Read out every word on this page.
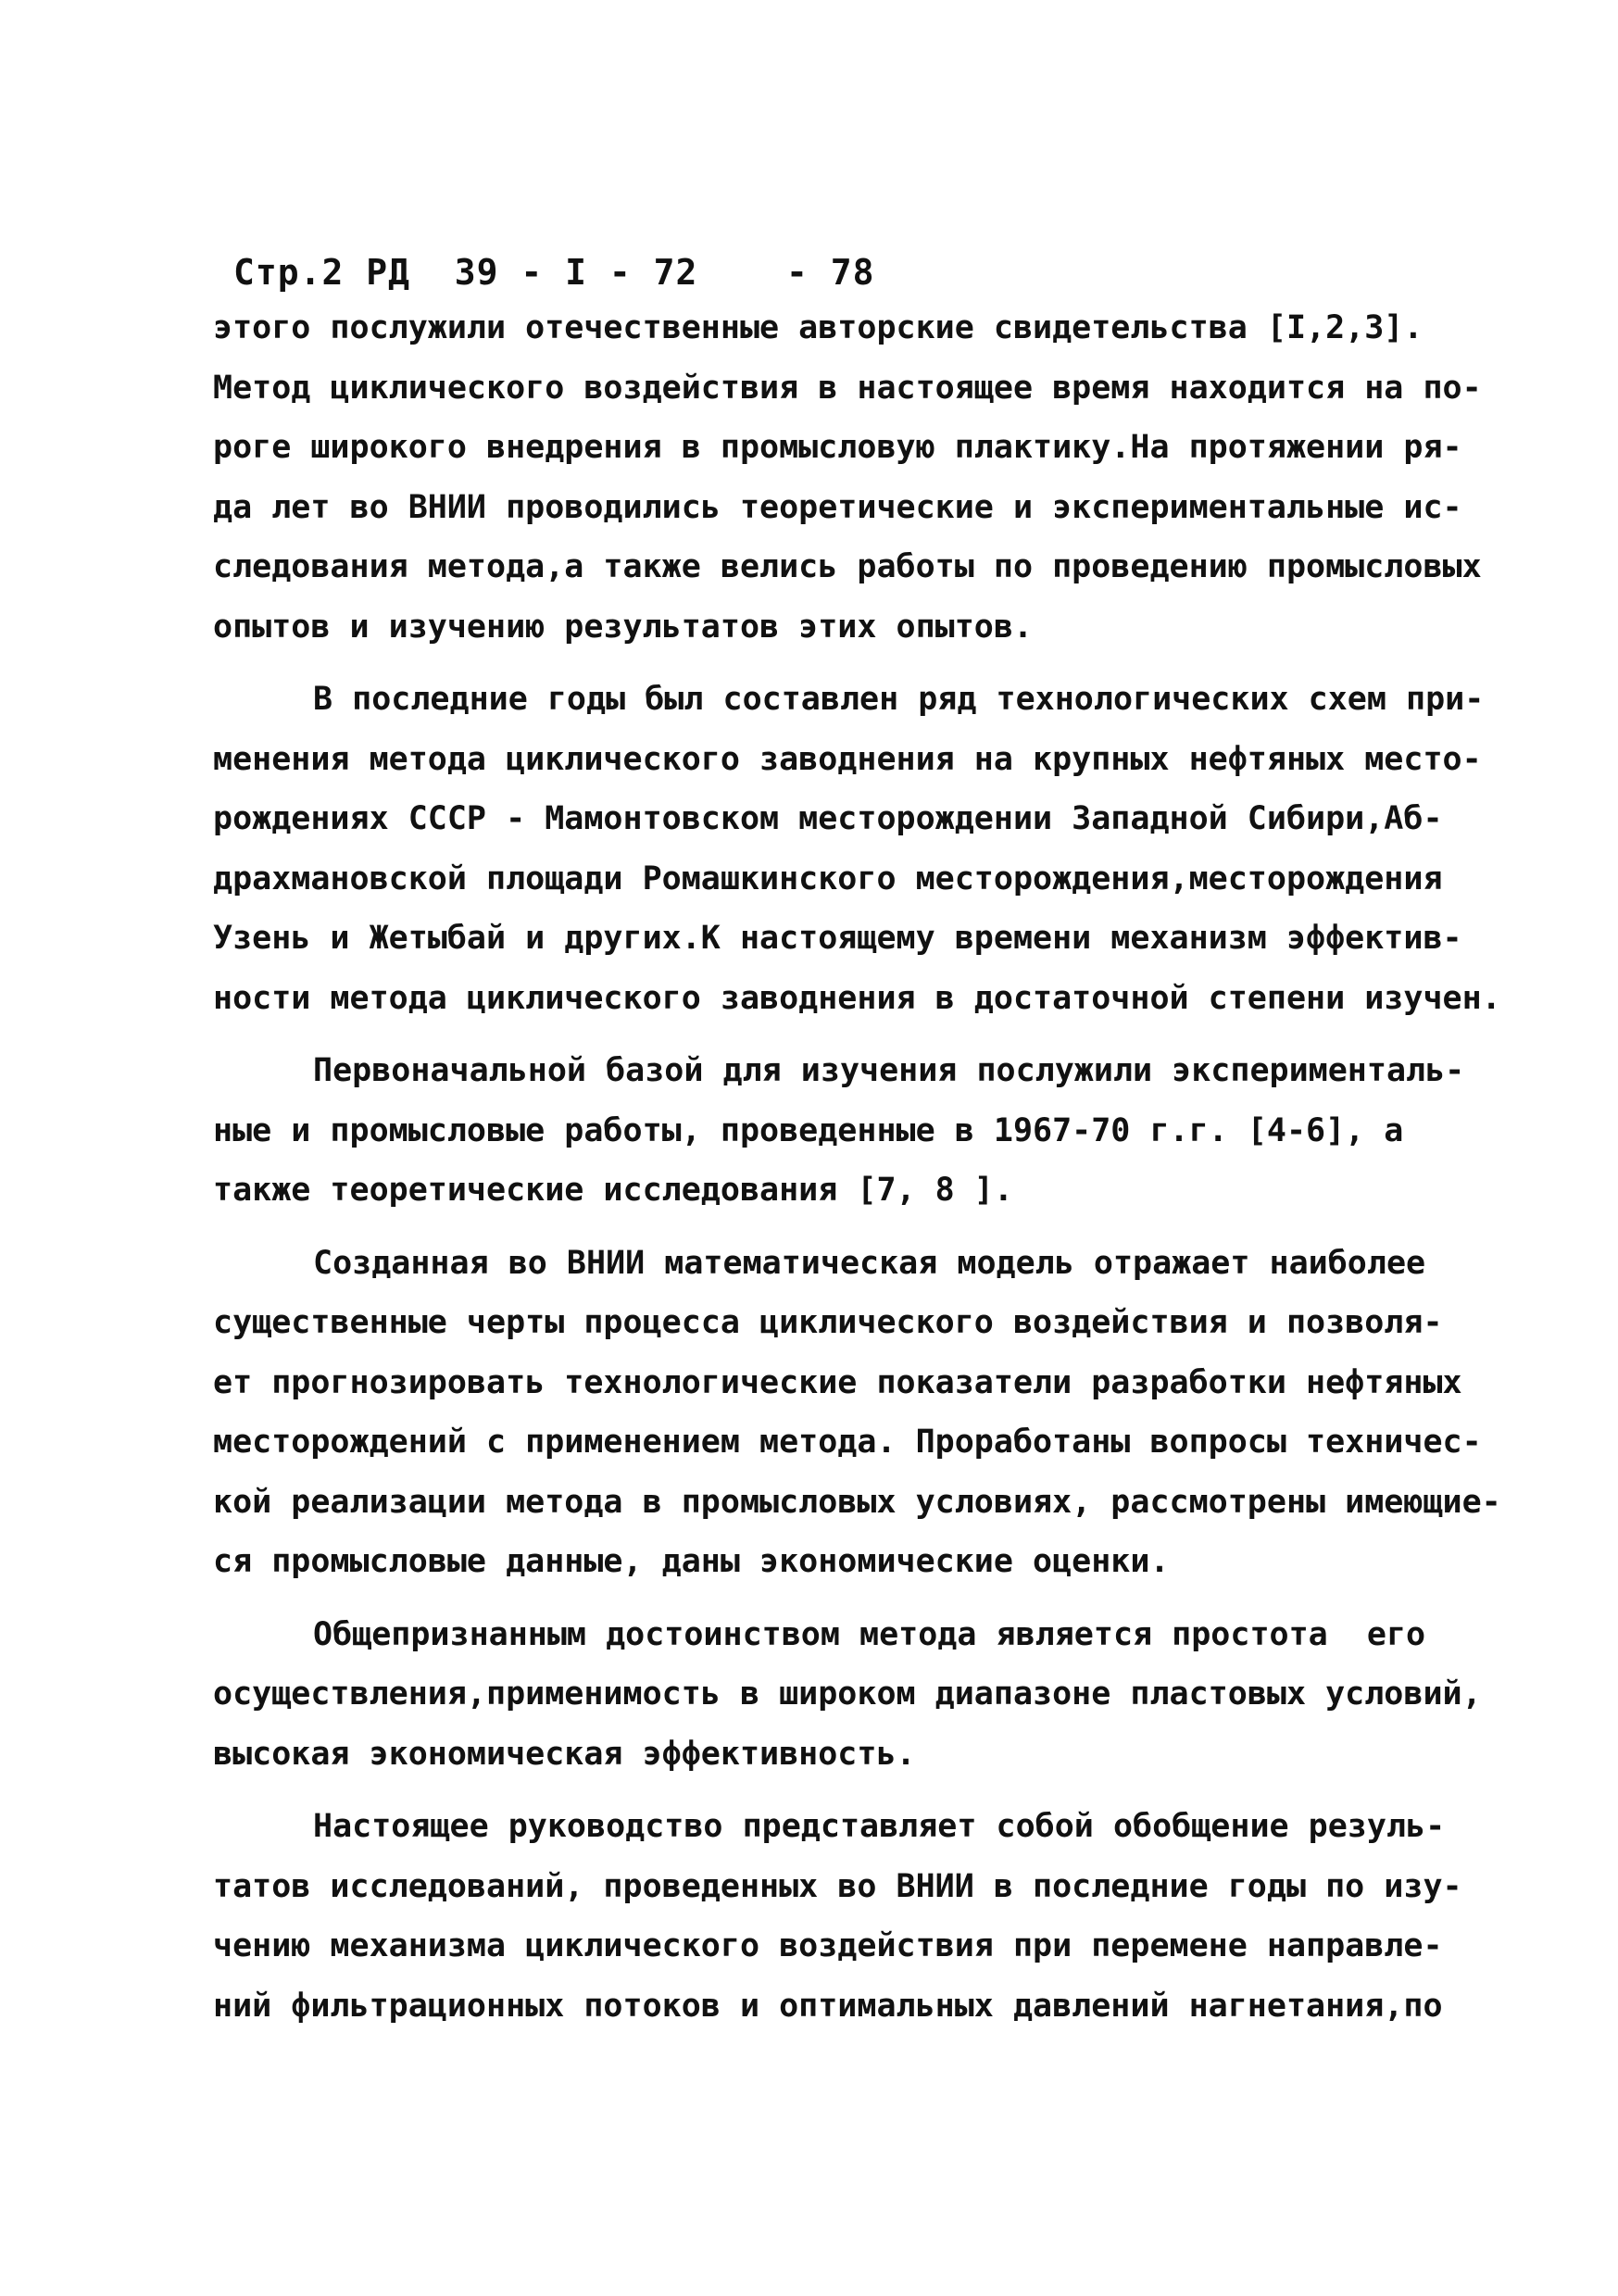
Стр.2 РД  39 - I - 72    - 78
этого послужили отечественные авторские свидетельства [I,2,3].
Метод циклического воздействия в настоящее время находится на по-
роге широкого внедрения в промысловую плактику.На протяжении ря-
да лет во ВНИИ проводились теоретические и экспериментальные ис-
следования метода,а также велись работы по проведению промысловых
опытов и изучению результатов этих опытов.
В последние годы был составлен ряд технологических схем при-
менения метода циклического заводнения на крупных нефтяных место-
рождениях СССР - Мамонтовском месторождении Западной Сибири,Аб-
драхмановской площади Ромашкинского месторождения,месторождения
Узень и Жетыбай и других.К настоящему времени механизм эффектив-
ности метода циклического заводнения в достаточной степени изучен.
Первоначальной базой для изучения послужили эксперименталь-
ные и промысловые работы, проведенные в 1967-70 г.г. [4-6], а
также теоретические исследования [7, 8 ].
Созданная во ВНИИ математическая модель отражает наиболее
существенные черты процесса циклического воздействия и позволя-
ет прогнозировать технологические показатели разработки нефтяных
месторождений с применением метода. Проработаны вопросы техничес-
кой реализации метода в промысловых условиях, рассмотрены имеющие-
ся промысловые данные, даны экономические оценки.
Общепризнанным достоинством метода является простота  его
осуществления,применимость в широком диапазоне пластовых условий,
высокая экономическая эффективность.
Настоящее руководство представляет собой обобщение резуль-
татов исследований, проведенных во ВНИИ в последние годы по изу-
чению механизма циклического воздействия при перемене направле-
ний фильтрационных потоков и оптимальных давлений нагнетания,по
